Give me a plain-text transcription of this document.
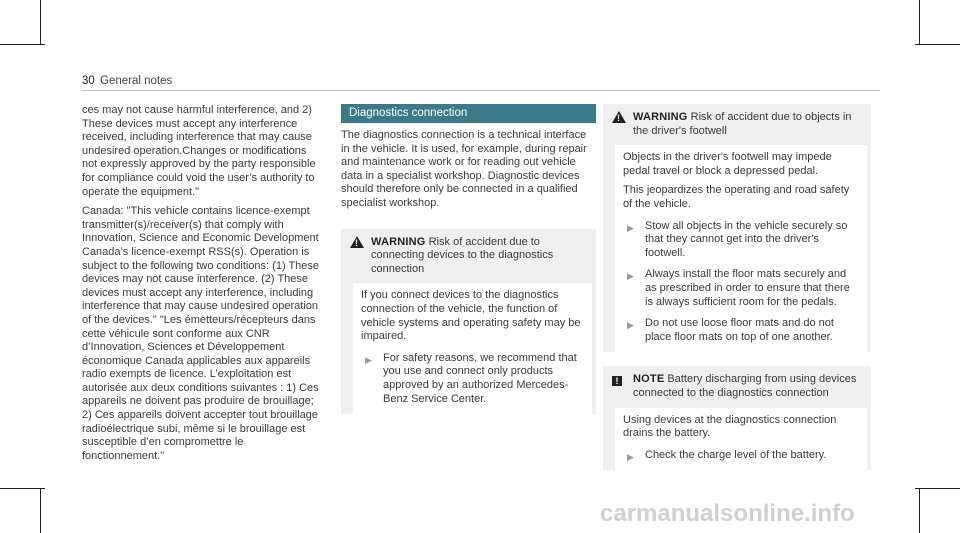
30 General notes

ces may not cause harmful interference, and 2) These devices must accept any interference received, including interference that may cause undesired operation.Changes or modifications not expressly approved by the party responsible for compliance could void the user’s authority to operate the equipment."

Canada: "This vehicle contains licence-exempt transmitter(s)/receiver(s) that comply with Innovation, Science and Economic Development Canada’s licence-exempt RSS(s). Operation is subject to the following two conditions: (1) These devices may not cause interference. (2) These devices must accept any interference, including interference that may cause undesired operation of the devices." "Les émetteurs/récepteurs dans cette véhicule sont conforme aux CNR d’Innovation, Sciences et Développement économique Canada applicables aux appareils radio exempts de licence. L’exploitation est autorisée aux deux conditions suivantes : 1) Ces appareils ne doivent pas produire de brouillage; 2) Ces appareils doivent accepter tout brouillage radioélectrique subi, même si le brouillage est susceptible d’en compromettre le fonctionnement."

Diagnostics connection

The diagnostics connection is a technical interface in the vehicle. It is used, for example, during repair and maintenance work or for reading out vehicle data in a specialist workshop. Diagnostic devices should therefore only be connected in a qualified specialist workshop.

!
WARNING Risk of accident due to connecting devices to the diagnostics connection

If you connect devices to the diagnostics connection of the vehicle, the function of vehicle systems and operating safety may be impaired.

▶ For safety reasons, we recommend that you use and connect only products approved by an authorized Mercedes-Benz Service Center.
!
WARNING Risk of accident due to objects in the driver's footwell

Objects in the driver's footwell may impede pedal travel or block a depressed pedal.

This jeopardizes the operating and road safety of the vehicle.

▶ Stow all objects in the vehicle securely so that they cannot get into the driver's footwell.
▶ Always install the floor mats securely and as prescribed in order to ensure that there is always sufficient room for the pedals.
▶ Do not use loose floor mats and do not place floor mats on top of one another.
!	NOTE Battery discharging from using devices connected to the diagnostics connection

Using devices at the diagnostics connection drains the battery.

▶ Check the charge level of the battery.
carmanualsonline.info
